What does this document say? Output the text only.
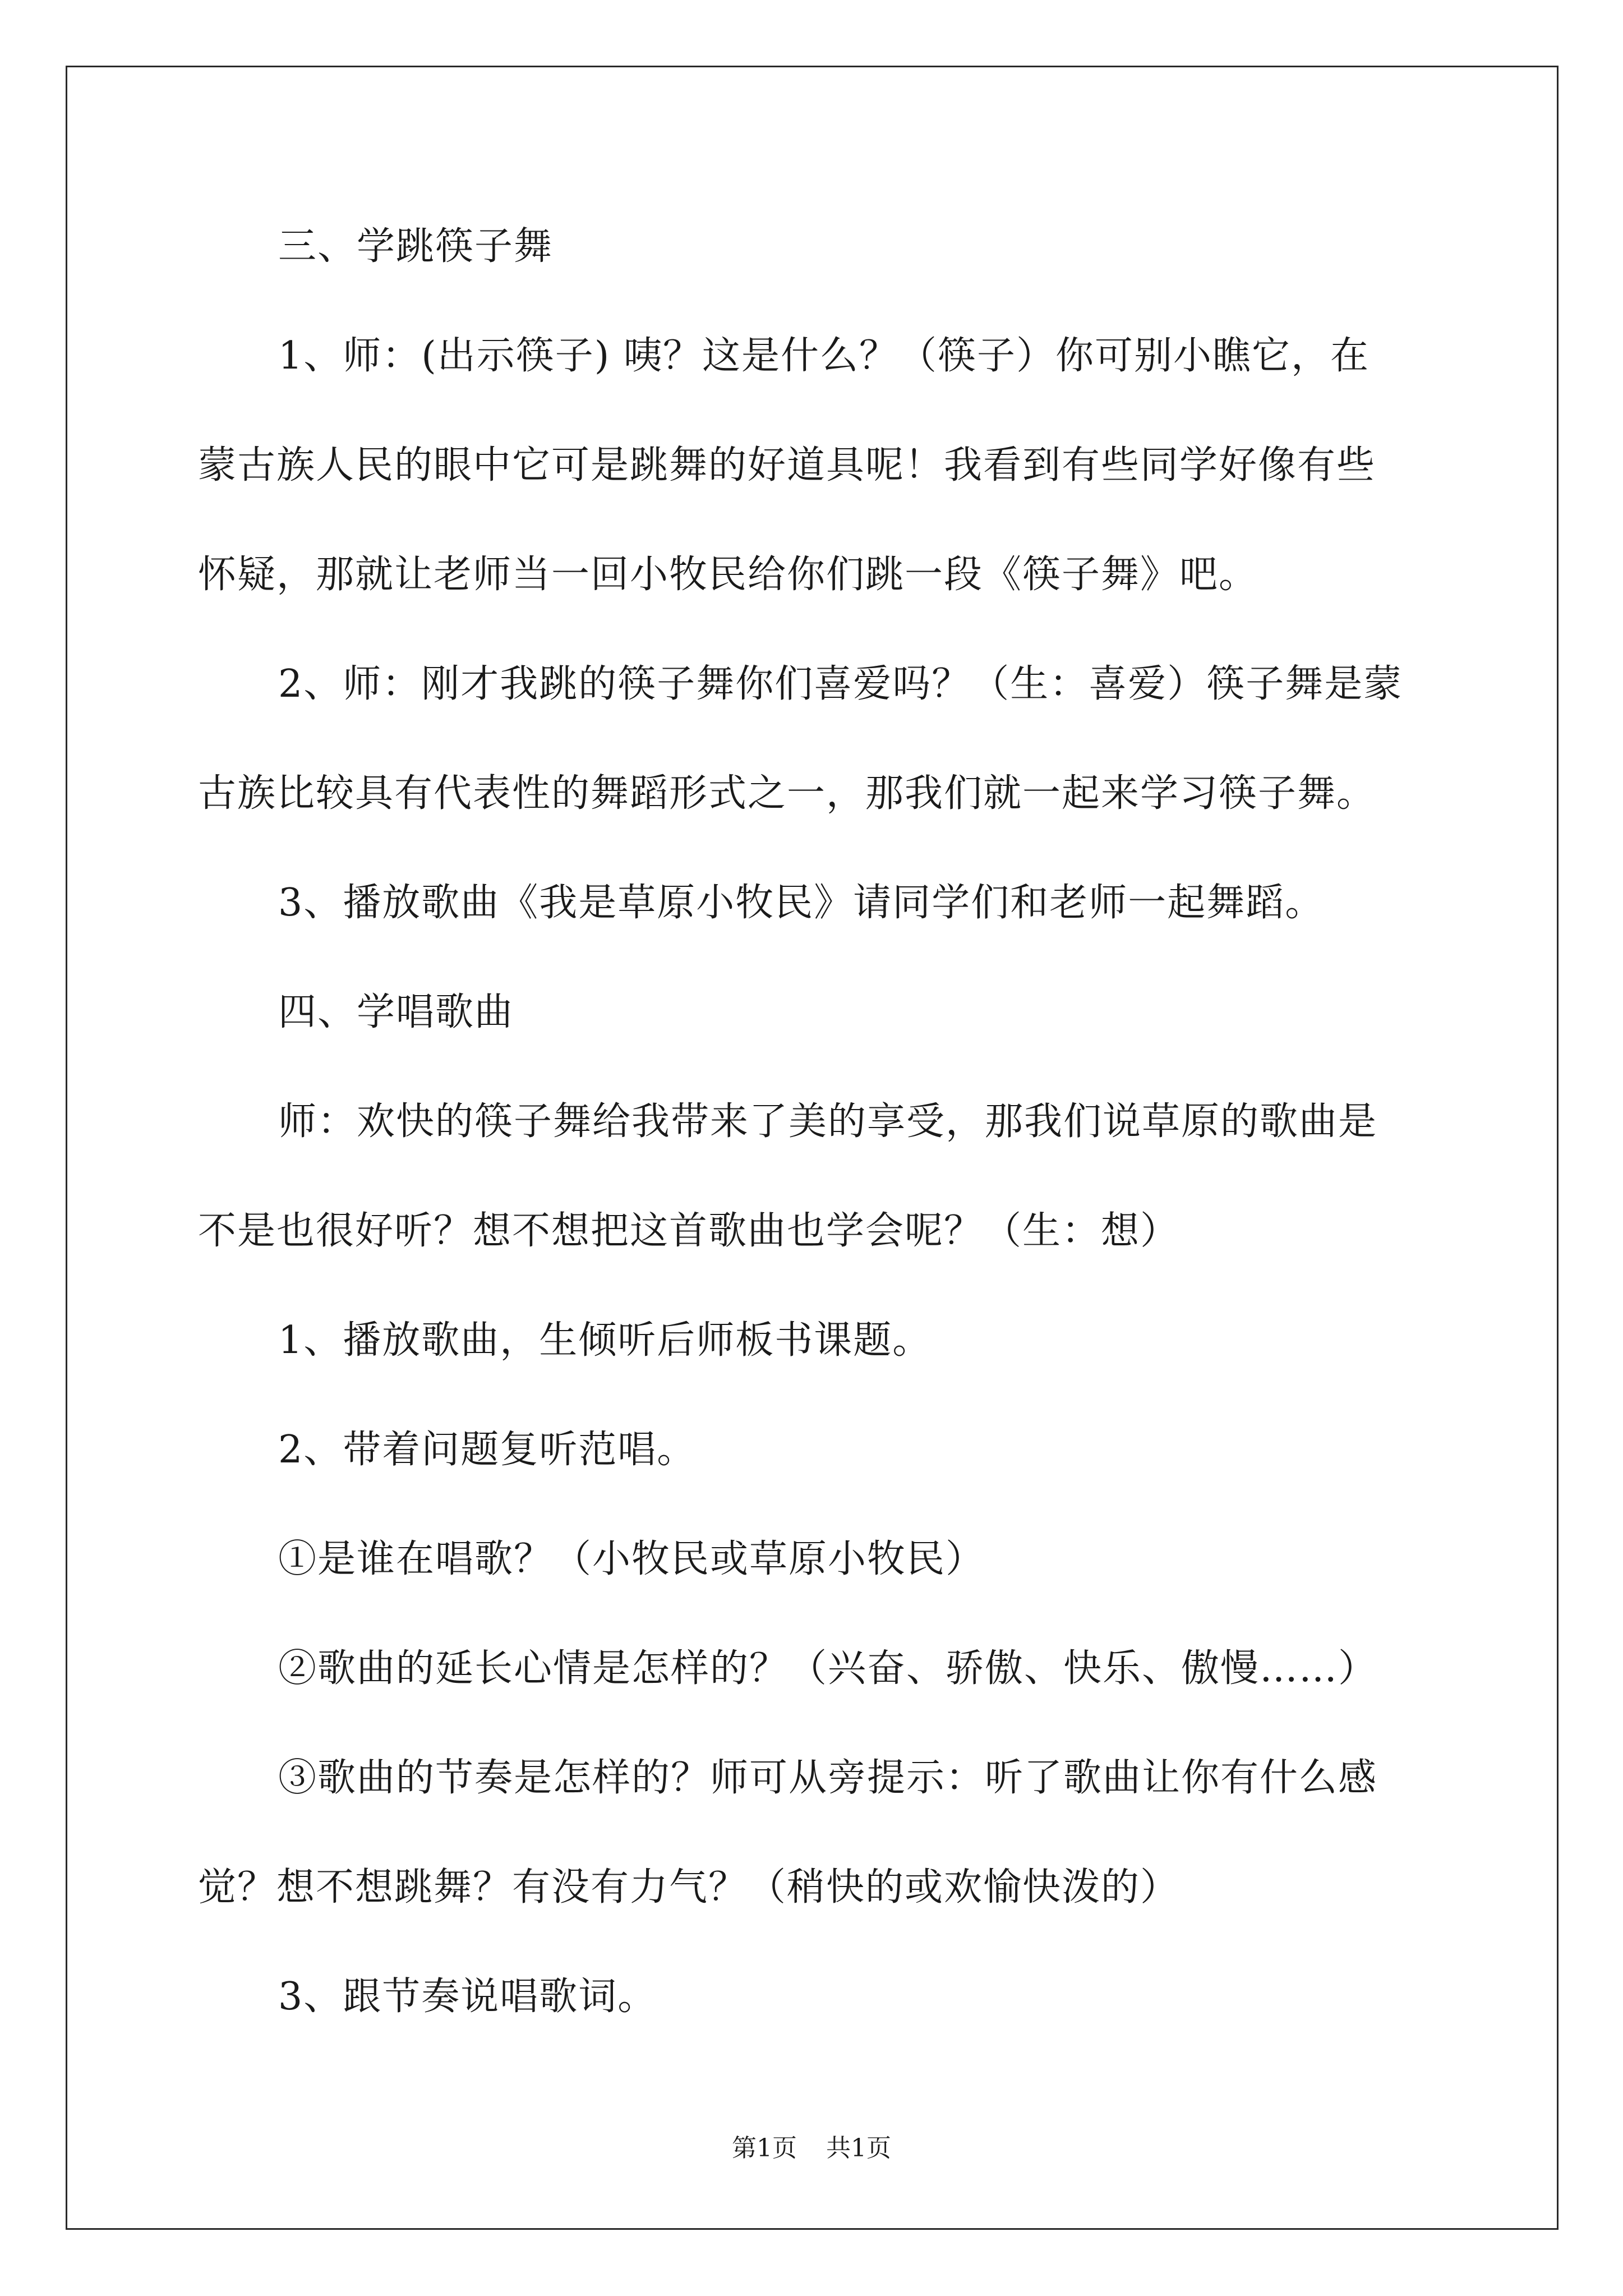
三、学跳筷子舞
1、师：(出示筷子) 咦？这是什么？（筷子）你可别小瞧它，在
蒙古族人民的眼中它可是跳舞的好道具呢！我看到有些同学好像有些
怀疑，那就让老师当一回小牧民给你们跳一段《筷子舞》吧。
2、师：刚才我跳的筷子舞你们喜爱吗？（生：喜爱）筷子舞是蒙
古族比较具有代表性的舞蹈形式之一，那我们就一起来学习筷子舞。
3、播放歌曲《我是草原小牧民》请同学们和老师一起舞蹈。
四、学唱歌曲
师：欢快的筷子舞给我带来了美的享受，那我们说草原的歌曲是
不是也很好听？想不想把这首歌曲也学会呢？（生：想）
1、播放歌曲，生倾听后师板书课题。
2、带着问题复听范唱。
①是谁在唱歌？（小牧民或草原小牧民）
②歌曲的延长心情是怎样的？（兴奋、骄傲、快乐、傲慢……）
③歌曲的节奏是怎样的？师可从旁提示：听了歌曲让你有什么感
觉？想不想跳舞？有没有力气？（稍快的或欢愉快泼的）
3、跟节奏说唱歌词。
第1页 共1页
